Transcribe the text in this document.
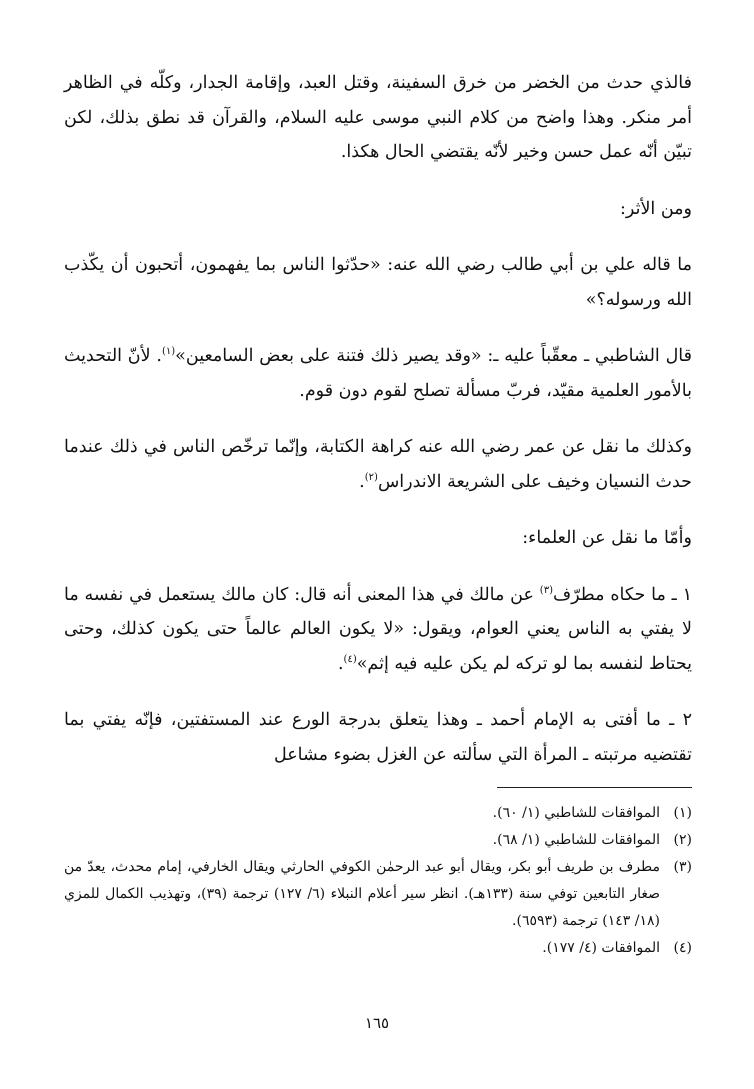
فالذي حدث من الخضر من خرق السفينة، وقتل العبد، وإقامة الجدار، وكلّه في الظاهر أمر منكر. وهذا واضح من كلام النبي موسى عليه السلام، والقرآن قد نطق بذلك، لكن تبيّن أنّه عمل حسن وخير لأنّه يقتضي الحال هكذا.

ومن الأثر:

ما قاله علي بن أبي طالب رضي الله عنه: «حدّثوا الناس بما يفهمون، أتحبون أن يكّذب الله ورسوله؟»

قال الشاطبي ـ معقّباً عليه ـ: «وقد يصير ذلك فتنة على بعض السامعين»$^{(١)}$. لأنّ التحديث بالأمور العلمية مقيّد، فربّ مسألة تصلح لقوم دون قوم.

وكذلك ما نقل عن عمر رضي الله عنه كراهة الكتابة، وإنّما ترخّص الناس في ذلك عندما حدث النسيان وخيف على الشريعة الاندراس$^{(٢)}$.

وأمّا ما نقل عن العلماء:

١ ـ ما حكاه مطرّف$^{(٣)}$ عن مالك في هذا المعنى أنه قال: كان مالك يستعمل في نفسه ما لا يفتي به الناس يعني العوام، ويقول: «لا يكون العالم عالماً حتى يكون كذلك، وحتى يحتاط لنفسه بما لو تركه لم يكن عليه فيه إثم»$^{(٤)}$.

٢ ـ ما أفتى به الإمام أحمد ـ وهذا يتعلق بدرجة الورع عند المستفتين، فإنّه يفتي بما تقتضيه مرتبته ـ المرأة التي سألته عن الغزل بضوء مشاعل

(١)
الموافقات للشاطبي (١/ ٦٠).
(٢)
الموافقات للشاطبي (١/ ٦٨).
(٣)
مطرف بن طريف أبو بكر، ويقال أبو عبد الرحمٰن الكوفي الحارثي ويقال الخارفي، إمام محدث، يعدّ من صغار التابعين توفي سنة (١٣٣هـ). انظر سير أعلام النبلاء (٦/ ١٢٧) ترجمة (٣٩)، وتهذيب الكمال للمزي (١٨/ ١٤٣) ترجمة (٦٥٩٣).
(٤)
الموافقات (٤/ ١٧٧).
١٦٥
